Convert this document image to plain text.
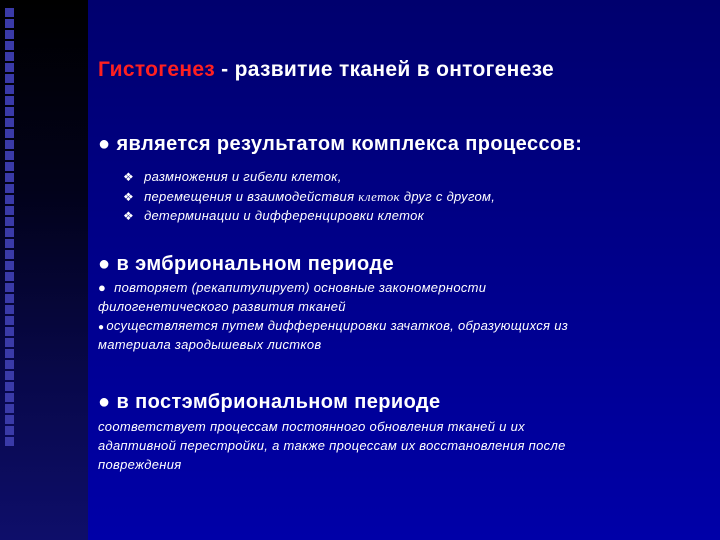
Гистогенез - развитие тканей в онтогенезе
● является результатом комплекса процессов:
❖ размножения и гибели клеток,
❖ перемещения и взаимодействия клеток друг с другом,
❖ детерминации и дифференцировки клеток
● в эмбриональном периоде
● повторяет (рекапитулирует) основные закономерности
филогенетического развития тканей
● осуществляется путем дифференцировки зачатков, образующихся из
материала зародышевых листков
● в постэмбриональном периоде
соответствует процессам постоянного обновления тканей и их
адаптивной перестройки, а также процессам их восстановления после
повреждения
